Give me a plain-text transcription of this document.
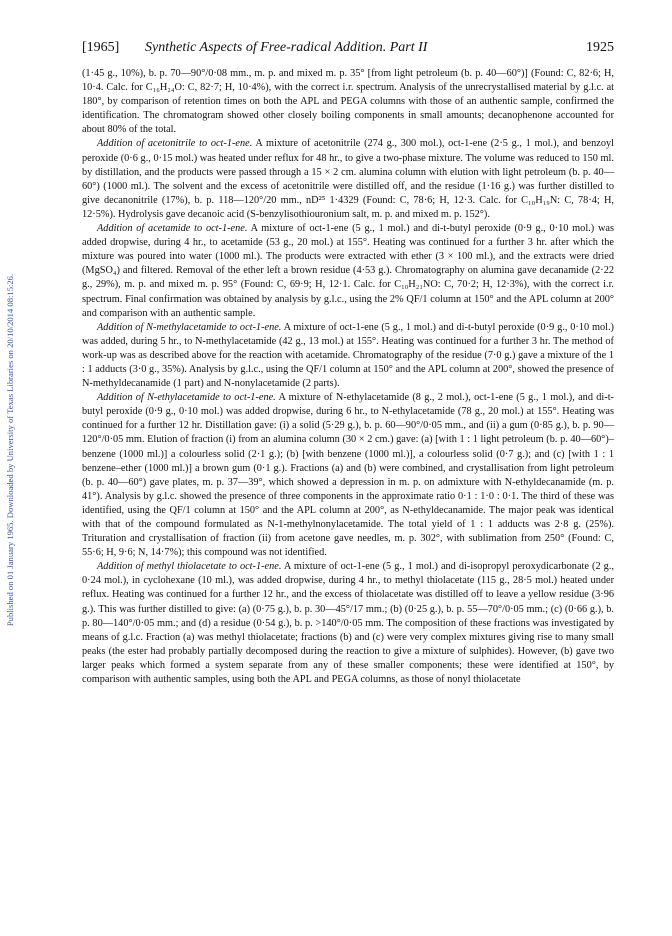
Published on 01 January 1965. Downloaded by University of Texas Libraries on 20/10/2014 08:15:26.
[1965] Synthetic Aspects of Free-radical Addition. Part II	1925

(1·45 g., 10%), b. p. 70—90°/0·08 mm., m. p. and mixed m. p. 35° [from light petroleum (b. p. 40—60°)] (Found: C, 82·6; H, 10·4. Calc. for C₁₆H₂₄O: C, 82·7; H, 10·4%), with the correct i.r. spectrum. Analysis of the unrecrystallised material by g.l.c. at 180°, by comparison of retention times on both the APL and PEGA columns with those of an authentic sample, confirmed the identification. The chromatogram showed other closely boiling components in small amounts; decanophenone accounted for about 80% of the total.

Addition of acetonitrile to oct-1-ene. A mixture of acetonitrile (274 g., 300 mol.), oct-1-ene (2·5 g., 1 mol.), and benzoyl peroxide (0·6 g., 0·15 mol.) was heated under reflux for 48 hr., to give a two-phase mixture. The volume was reduced to 150 ml. by distillation, and the products were passed through a 15 × 2 cm. alumina column with elution with light petroleum (b. p. 40—60°) (1000 ml.). The solvent and the excess of acetonitrile were distilled off, and the residue (1·16 g.) was further distilled to give decanonitrile (17%), b. p. 118—120°/20 mm., nD²⁵ 1·4329 (Found: C, 78·6; H, 12·3. Calc. for C₁₀H₁₉N: C, 78·4; H, 12·5%). Hydrolysis gave decanoic acid (S-benzylisothiouronium salt, m. p. and mixed m. p. 152°).

Addition of acetamide to oct-1-ene. A mixture of oct-1-ene (5 g., 1 mol.) and di-t-butyl peroxide (0·9 g., 0·10 mol.) was added dropwise, during 4 hr., to acetamide (53 g., 20 mol.) at 155°. Heating was continued for a further 3 hr. after which the mixture was poured into water (1000 ml.). The products were extracted with ether (3 × 100 ml.), and the extracts were dried (MgSO₄) and filtered. Removal of the ether left a brown residue (4·53 g.). Chromatography on alumina gave decanamide (2·22 g., 29%), m. p. and mixed m. p. 95° (Found: C, 69·9; H, 12·1. Calc. for C₁₀H₂₁NO: C, 70·2; H, 12·3%), with the correct i.r. spectrum. Final confirmation was obtained by analysis by g.l.c., using the 2% QF/1 column at 150° and the APL column at 200° and comparison with an authentic sample.

Addition of N-methylacetamide to oct-1-ene. A mixture of oct-1-ene (5 g., 1 mol.) and di-t-butyl peroxide (0·9 g., 0·10 mol.) was added, during 5 hr., to N-methylacetamide (42 g., 13 mol.) at 155°. Heating was continued for a further 3 hr. The method of work-up was as described above for the reaction with acetamide. Chromatography of the residue (7·0 g.) gave a mixture of the 1 : 1 adducts (3·0 g., 35%). Analysis by g.l.c., using the QF/1 column at 150° and the APL column at 200°, showed the presence of N-methyldecanamide (1 part) and N-nonylacetamide (2 parts).

Addition of N-ethylacetamide to oct-1-ene. A mixture of N-ethylacetamide (8 g., 2 mol.), oct-1-ene (5 g., 1 mol.), and di-t-butyl peroxide (0·9 g., 0·10 mol.) was added dropwise, during 6 hr., to N-ethylacetamide (78 g., 20 mol.) at 155°. Heating was continued for a further 12 hr. Distillation gave: (i) a solid (5·29 g.), b. p. 60—90°/0·05 mm., and (ii) a gum (0·85 g.), b. p. 90—120°/0·05 mm. Elution of fraction (i) from an alumina column (30 × 2 cm.) gave: (a) [with 1 : 1 light petroleum (b. p. 40—60°)–benzene (1000 ml.)] a colourless solid (2·1 g.); (b) [with benzene (1000 ml.)], a colourless solid (0·7 g.); and (c) [with 1 : 1 benzene–ether (1000 ml.)] a brown gum (0·1 g.). Fractions (a) and (b) were combined, and crystallisation from light petroleum (b. p. 40—60°) gave plates, m. p. 37—39°, which showed a depression in m. p. on admixture with N-ethyldecanamide (m. p. 41°). Analysis by g.l.c. showed the presence of three components in the approximate ratio 0·1 : 1·0 : 0·1. The third of these was identified, using the QF/1 column at 150° and the APL column at 200°, as N-ethyldecanamide. The major peak was identical with that of the compound formulated as N-1-methylnonylacetamide. The total yield of 1 : 1 adducts was 2·8 g. (25%). Trituration and crystallisation of fraction (ii) from acetone gave needles, m. p. 302°, with sublimation from 250° (Found: C, 55·6; H, 9·6; N, 14·7%); this compound was not identified.

Addition of methyl thiolacetate to oct-1-ene. A mixture of oct-1-ene (5 g., 1 mol.) and di-isopropyl peroxydicarbonate (2 g., 0·24 mol.), in cyclohexane (10 ml.), was added dropwise, during 4 hr., to methyl thiolacetate (115 g., 28·5 mol.) heated under reflux. Heating was continued for a further 12 hr., and the excess of thiolacetate was distilled off to leave a yellow residue (3·96 g.). This was further distilled to give: (a) (0·75 g.), b. p. 30—45°/17 mm.; (b) (0·25 g.), b. p. 55—70°/0·05 mm.; (c) (0·66 g.), b. p. 80—140°/0·05 mm.; and (d) a residue (0·54 g.), b. p. >140°/0·05 mm. The composition of these fractions was investigated by means of g.l.c. Fraction (a) was methyl thiolacetate; fractions (b) and (c) were very complex mixtures giving rise to many small peaks (the ester had probably partially decomposed during the reaction to give a mixture of sulphides). However, (b) gave two larger peaks which formed a system separate from any of these smaller components; these were identified at 150°, by comparison with authentic samples, using both the APL and PEGA columns, as those of nonyl thiolacetate
